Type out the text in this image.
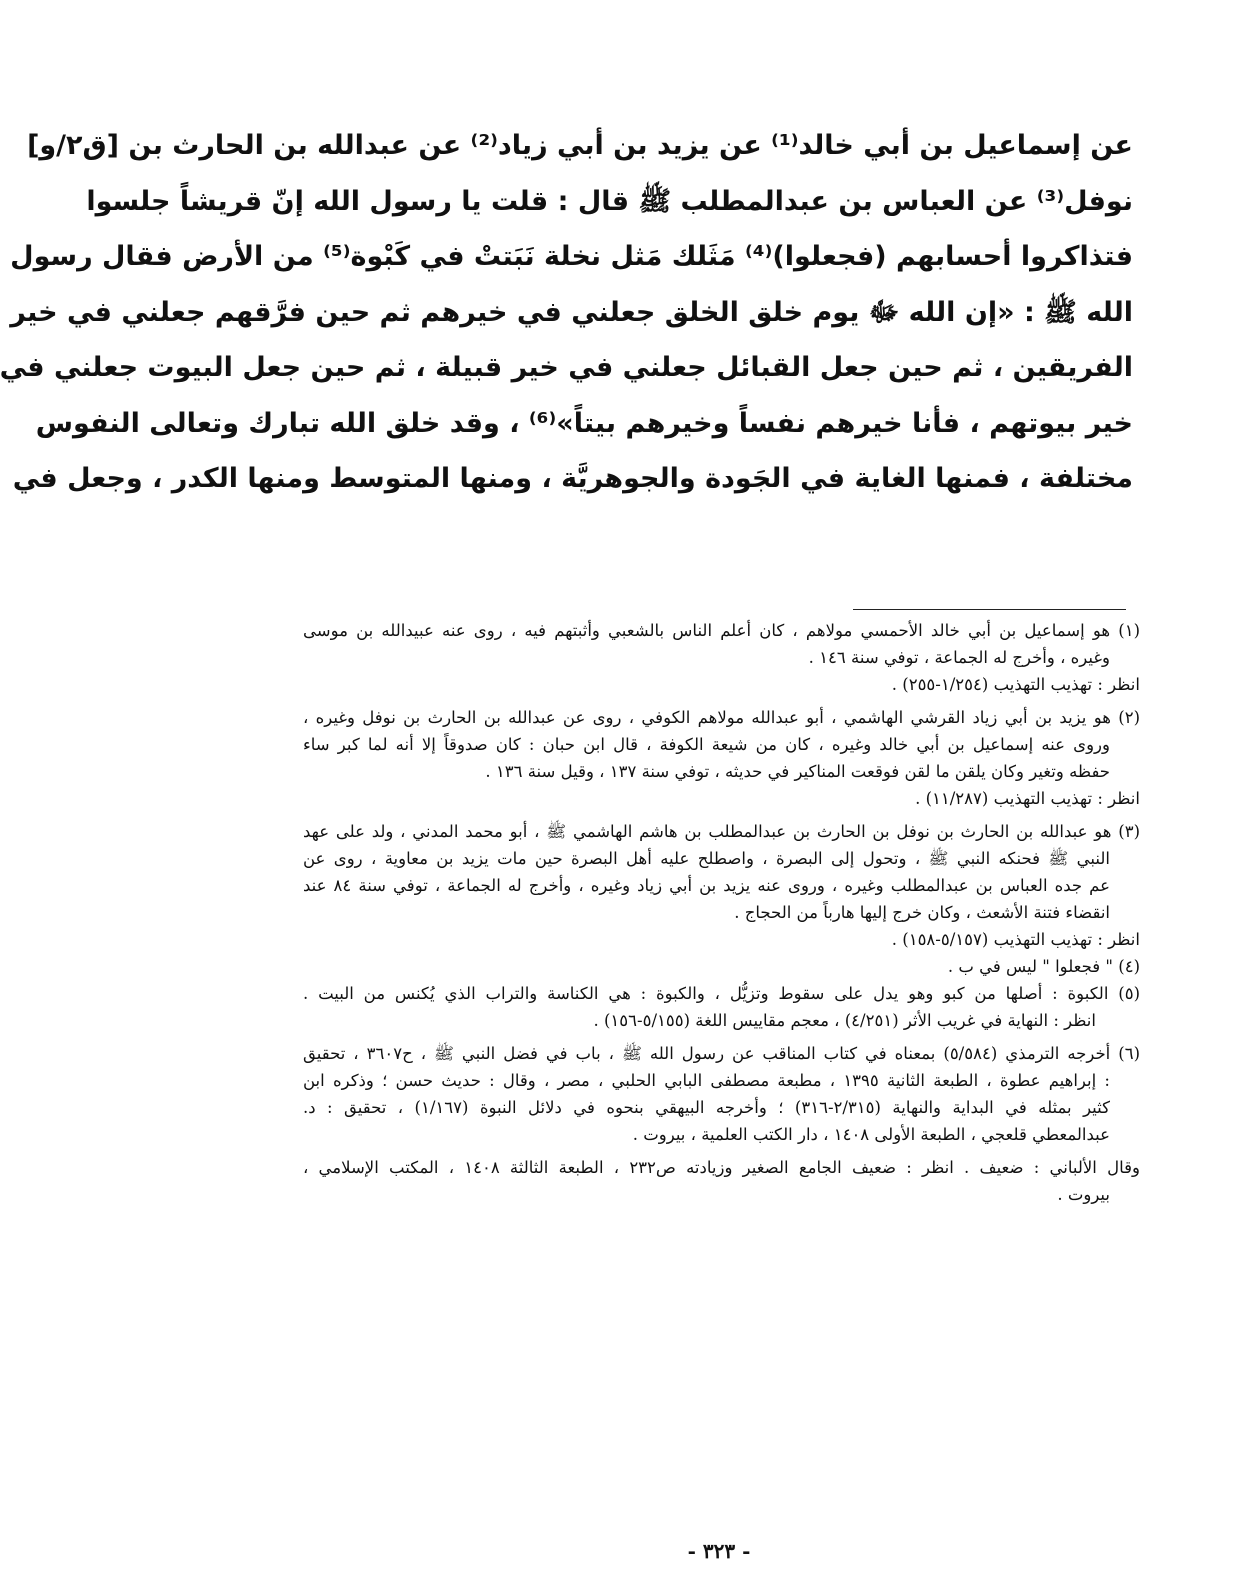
عن إسماعيل بن أبي خالد⁽¹⁾ عن يزيد بن أبي زياد⁽²⁾ عن عبدالله بن الحارث بن [ق٢/و]
نوفل⁽³⁾ عن العباس بن عبدالمطلب ﷺ قال : قلت يا رسول الله إنّ قريشاً جلسوا
فتذاكروا أحسابهم (فجعلوا)⁽⁴⁾ مَثَلك مَثل نخلة نَبَتتْ في كَبْوة⁽⁵⁾ من الأرض فقال رسول
الله ﷺ : «إن الله ﷻ يوم خلق الخلق جعلني في خيرهم ثم حين فرَّقهم جعلني في خير
الفريقين ، ثم حين جعل القبائل جعلني في خير قبيلة ، ثم حين جعل البيوت جعلني في
خير بيوتهم ، فأنا خيرهم نفساً وخيرهم بيتاً»⁽⁶⁾ ، وقد خلق الله تبارك وتعالى النفوس
مختلفة ، فمنها الغاية في الجَودة والجوهريَّة ، ومنها المتوسط ومنها الكدر ، وجعل في
(١) هو إسماعيل بن أبي خالد الأحمسي مولاهم ، كان أعلم الناس بالشعبي وأثبتهم فيه ، روى عنه عبيدالله بن موسى
وغيره ، وأخرج له الجماعة ، توفي سنة ١٤٦ .
انظر : تهذيب التهذيب (١/٢٥٤-٢٥٥) .
(٢) هو يزيد بن أبي زياد القرشي الهاشمي ، أبو عبدالله مولاهم الكوفي ، روى عن عبدالله بن الحارث بن نوفل وغيره ،
وروى عنه إسماعيل بن أبي خالد وغيره ، كان من شيعة الكوفة ، قال ابن حبان : كان صدوقاً إلا أنه لما كبر ساء
حفظه وتغير وكان يلقن ما لقن فوقعت المناكير في حديثه ، توفي سنة ١٣٧ ، وقيل سنة ١٣٦ .
انظر : تهذيب التهذيب (١١/٢٨٧) .
(٣) هو عبدالله بن الحارث بن نوفل بن الحارث بن عبدالمطلب بن هاشم الهاشمي ﷺ ، أبو محمد المدني ، ولد على عهد
النبي ﷺ فحنكه النبي ﷺ ، وتحول إلى البصرة ، واصطلح عليه أهل البصرة حين مات يزيد بن معاوية ، روى عن
عم جده العباس بن عبدالمطلب وغيره ، وروى عنه يزيد بن أبي زياد وغيره ، وأخرج له الجماعة ، توفي سنة ٨٤ عند
انقضاء فتنة الأشعث ، وكان خرج إليها هارباً من الحجاج .
انظر : تهذيب التهذيب (٥/١٥٧-١٥٨) .
(٤) " فجعلوا " ليس في ب .
(٥) الكبوة : أصلها من كبو وهو يدل على سقوط وتزيُّل ، والكبوة : هي الكناسة والتراب الذي يُكنس من البيت .
انظر : النهاية في غريب الأثر (٤/٢٥١) ، معجم مقاييس اللغة (٥/١٥٥-١٥٦) .
(٦) أخرجه الترمذي (٥/٥٨٤) بمعناه في كتاب المناقب عن رسول الله ﷺ ، باب في فضل النبي ﷺ ، ح٣٦٠٧ ، تحقيق
: إبراهيم عطوة ، الطبعة الثانية ١٣٩٥ ، مطبعة مصطفى البابي الحلبي ، مصر ، وقال : حديث حسن ؛ وذكره ابن
كثير بمثله في البداية والنهاية (٢/٣١٥-٣١٦) ؛ وأخرجه البيهقي بنحوه في دلائل النبوة (١/١٦٧) ، تحقيق : د.
عبدالمعطي قلعجي ، الطبعة الأولى ١٤٠٨ ، دار الكتب العلمية ، بيروت .
وقال الألباني : ضعيف . انظر : ضعيف الجامع الصغير وزيادته ص٢٣٢ ، الطبعة الثالثة ١٤٠٨ ، المكتب الإسلامي ،
بيروت .
- ٣٢٣ -
